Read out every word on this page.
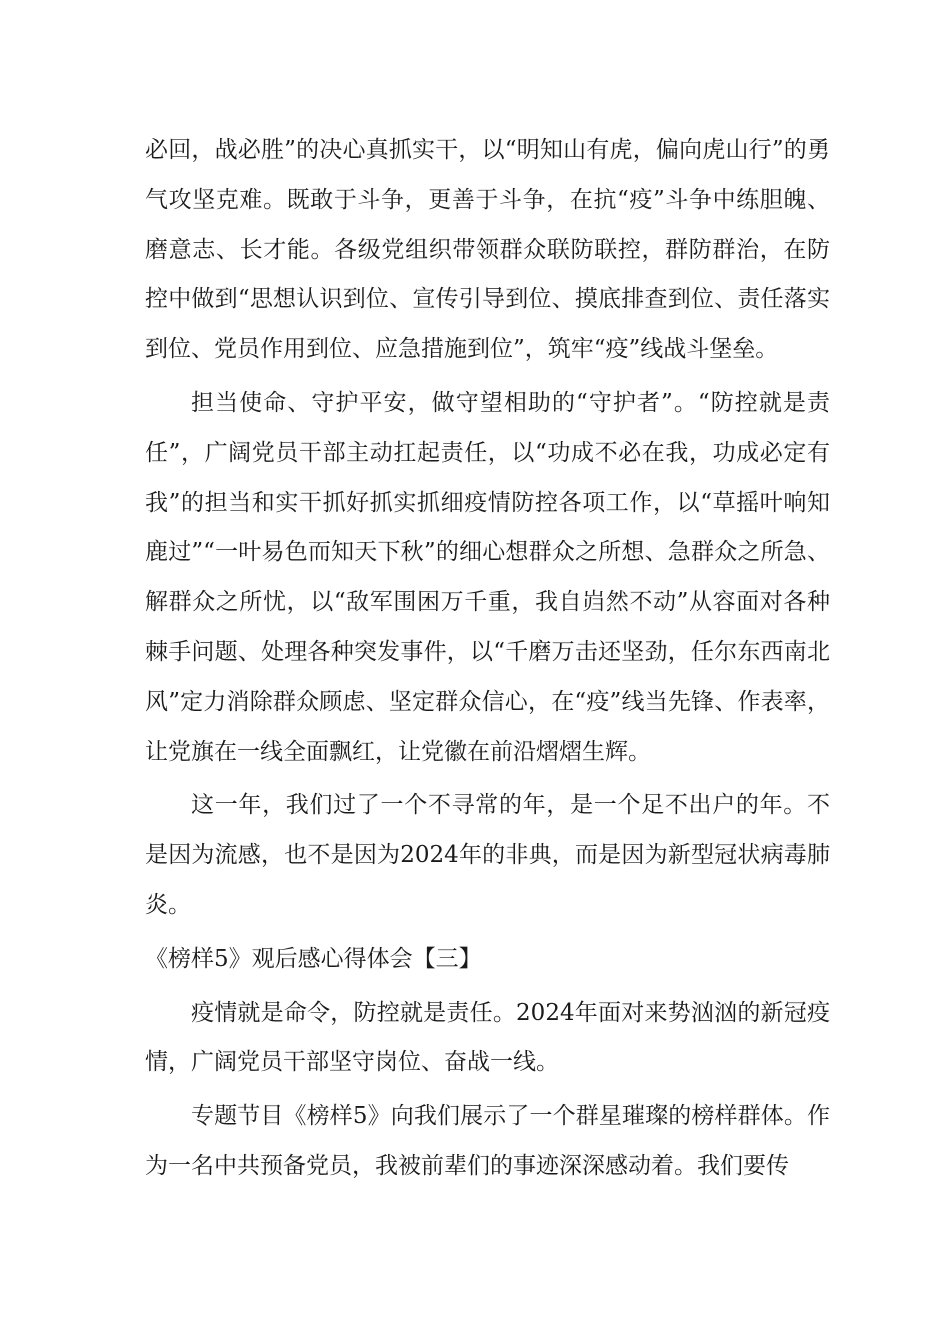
必回，战必胜”的决心真抓实干，以“明知山有虎，偏向虎山行”的勇气攻坚克难。既敢于斗争，更善于斗争，在抗“疫”斗争中练胆魄、磨意志、长才能。各级党组织带领群众联防联控，群防群治，在防控中做到“思想认识到位、宣传引导到位、摸底排查到位、责任落实到位、党员作用到位、应急措施到位”，筑牢“疫”线战斗堡垒。

担当使命、守护平安，做守望相助的“守护者”。“防控就是责任”，广阔党员干部主动扛起责任，以“功成不必在我，功成必定有我”的担当和实干抓好抓实抓细疫情防控各项工作，以“草摇叶响知鹿过”“一叶易色而知天下秋”的细心想群众之所想、急群众之所急、解群众之所忧，以“敌军围困万千重，我自岿然不动”从容面对各种棘手问题、处理各种突发事件，以“千磨万击还坚劲，任尔东西南北风”定力消除群众顾虑、坚定群众信心，在“疫”线当先锋、作表率，让党旗在一线全面飘红，让党徽在前沿熠熠生辉。

这一年，我们过了一个不寻常的年，是一个足不出户的年。不是因为流感，也不是因为2024年的非典，而是因为新型冠状病毒肺炎。

《榜样5》观后感心得体会【三】

疫情就是命令，防控就是责任。2024年面对来势汹汹的新冠疫情，广阔党员干部坚守岗位、奋战一线。

专题节目《榜样5》向我们展示了一个群星璀璨的榜样群体。作为一名中共预备党员，我被前辈们的事迹深深感动着。我们要传
